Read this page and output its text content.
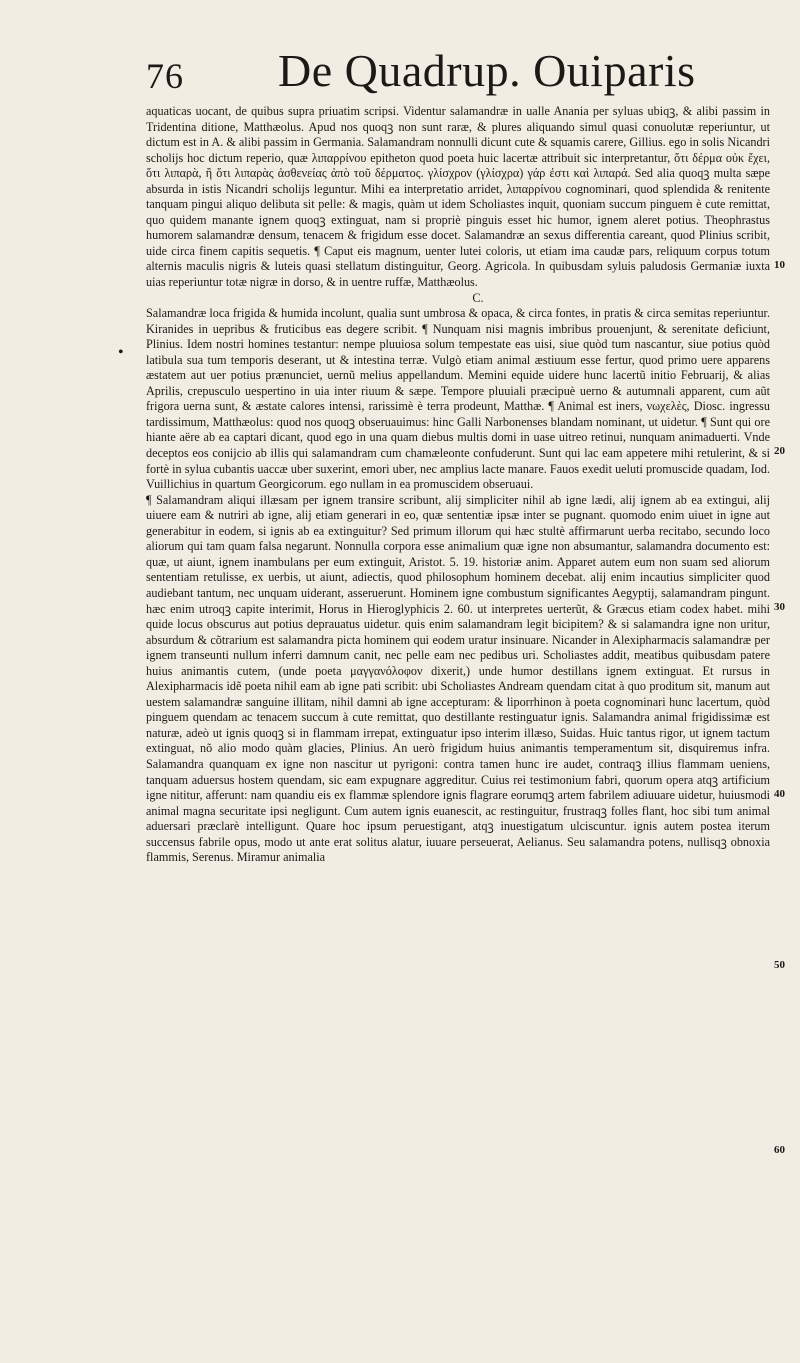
76 De Quadrup. Ouiparis
•

aquaticas uocant, de quibus supra priuatim scripsi. Videntur salamandræ in ualle Anania per syluas ubiqꝫ, & alibi passim in Tridentina ditione, Matthæolus. Apud nos quoqꝫ non sunt raræ, & plures aliquando simul quasi conuolutæ reperiuntur, ut dictum est in A. & alibi passim in Germania. Salamandram nonnulli dicunt cute & squamis carere, Gillius. ego in solis Nicandri scholijs hoc dictum reperio, quæ λιπαρρίνου epitheton quod poeta huic lacertæ attribuit sic interpretantur, ὅτι δέρμα οὐκ ἔχει, ὅτι λιπαρὰ, ἢ ὅτι λιπαρὰς ἀσθενείας ἀπὸ τοῦ δέρματος. γλίσχρον (γλίσχρα) γάρ ἐστι καὶ λιπαρά. Sed alia quoqꝫ multa sæpe absurda in istis Nicandri scholijs leguntur. Mihi ea interpretatio arridet, λιπαρρίνου cognominari, quod splendida & renitente tanquam pingui aliquo delibuta sit pelle: & magis, quàm ut idem Scholiastes inquit, quoniam succum pinguem è cute remittat, quo quidem manante ignem quoqꝫ extinguat, nam si propriè pinguis esset hic humor, ignem aleret potius. Theophrastus humorem salamandræ densum, tenacem & frigidum esse docet. Salamandræ an sexus differentia careant, quod Plinius scribit, uide circa finem capitis sequetis. ¶ Caput eis magnum, uenter lutei coloris, ut etiam ima caudæ pars, reliquum corpus totum alternis maculis nigris & luteis quasi stellatum distinguitur, Georg. Agricola. In quibusdam syluis paludosis Germaniæ iuxta uias reperiuntur totæ nigræ in dorso, & in uentre ruffæ, Matthæolus.

C.

Salamandræ loca frigida & humida incolunt, qualia sunt umbrosa & opaca, & circa fontes, in pratis & circa semitas reperiuntur. Kiranides in uepribus & fruticibus eas degere scribit. ¶ Nunquam nisi magnis imbribus prouenjunt, & serenitate deficiunt, Plinius. Idem nostri homines testantur: nempe pluuiosa solum tempestate eas uisi, siue quòd tum nascantur, siue potius quòd latibula sua tum temporis deserant, ut & intestina terræ. Vulgò etiam animal æstiuum esse fertur, quod primo uere apparens æstatem aut uer potius prænunciet, uernũ melius appellandum. Memini equide uidere hunc lacertũ initio Februarij, & alias Aprilis, crepusculo uespertino in uia inter riuum & sæpe. Tempore pluuiali præcipuè uerno & autumnali apparent, cum aũt frigora uerna sunt, & æstate calores intensi, rarissimè è terra prodeunt, Matthæ. ¶ Animal est iners, νωχελὲς, Diosc. ingressu tardissimum, Matthæolus: quod nos quoqꝫ obseruauimus: hinc Galli Narbonenses blandam nominant, ut uidetur. ¶ Sunt qui ore hiante aëre ab ea captari dicant, quod ego in una quam diebus multis domi in uase uitreo retinui, nunquam animaduerti. Vnde deceptos eos conijcio ab illis qui salamandram cum chamæleonte confuderunt. Sunt qui lac eam appetere mihi retulerint, & si fortè in sylua cubantis uaccæ uber suxerint, emori uber, nec amplius lacte manare. Fauos exedit ueluti promuscide quadam, Iod. Vuillichius in quartum Georgicorum. ego nullam in ea promuscidem obseruaui.

¶ Salamandram aliqui illæsam per ignem transire scribunt, alij simpliciter nihil ab igne lædi, alij ignem ab ea extingui, alij uiuere eam & nutriri ab igne, alij etiam generari in eo, quæ sententiæ ipsæ inter se pugnant. quomodo enim uiuet in igne aut generabitur in eodem, si ignis ab ea extinguitur? Sed primum illorum qui hæc stultè affirmarunt uerba recitabo, secundo loco aliorum qui tam quam falsa negarunt. Nonnulla corpora esse animalium quæ igne non absumantur, salamandra documento est: quæ, ut aiunt, ignem inambulans per eum extinguit, Aristot. 5. 19. historiæ anim. Apparet autem eum non suam sed aliorum sententiam retulisse, ex uerbis, ut aiunt, adiectis, quod philosophum hominem decebat. alij enim incautius simpliciter quod audiebant tantum, nec unquam uiderant, asseruerunt. Hominem igne combustum significantes Aegyptij, salamandram pingunt. hæc enim utroqꝫ capite interimit, Horus in Hieroglyphicis 2. 60. ut interpretes uerterũt, & Græcus etiam codex habet. mihi quide locus obscurus aut potius deprauatus uidetur. quis enim salamandram legit bicipitem? & si salamandra igne non uritur, absurdum & cõtrarium est salamandra picta hominem qui eodem uratur insinuare. Nicander in Alexipharmacis salamandræ per ignem transeunti nullum inferri damnum canit, nec pelle eam nec pedibus uri. Scholiastes addit, meatibus quibusdam patere huius animantis cutem, (unde poeta μαγγανόλοφον dixerit,) unde humor destillans ignem extinguat. Et rursus in Alexipharmacis idẽ poeta nihil eam ab igne pati scribit: ubi Scholiastes Andream quendam citat à quo proditum sit, manum aut uestem salamandræ sanguine illitam, nihil damni ab igne accepturam: & liporrhinon à poeta cognominari hunc lacertum, quòd pinguem quendam ac tenacem succum à cute remittat, quo destillante restinguatur ignis. Salamandra animal frigidissimæ est naturæ, adeò ut ignis quoqꝫ si in flammam irrepat, extinguatur ipso interim illæso, Suidas. Huic tantus rigor, ut ignem tactum extinguat, nõ alio modo quàm glacies, Plinius. An uerò frigidum huius animantis temperamentum sit, disquiremus infra. Salamandra quanquam ex igne non nascitur ut pyrigoni: contra tamen hunc ire audet, contraqꝫ illius flammam ueniens, tanquam aduersus hostem quendam, sic eam expugnare aggreditur. Cuius rei testimonium fabri, quorum opera atqꝫ artificium igne nititur, afferunt: nam quandiu eis ex flammæ splendore ignis flagrare eorumqꝫ artem fabrilem adiuuare uidetur, huiusmodi animal magna securitate ipsi negligunt. Cum autem ignis euanescit, ac restinguitur, frustraqꝫ folles flant, hoc sibi tum animal aduersari præclarè intelligunt. Quare hoc ipsum peruestigant, atqꝫ inuestigatum ulciscuntur. ignis autem postea iterum succensus fabrile opus, modo ut ante erat solitus alatur, iuuare perseuerat, Aelianus. Seu salamandra potens, nullisqꝫ obnoxia flammis, Serenus. Miramur animalia

10
20
30
40
50
60
